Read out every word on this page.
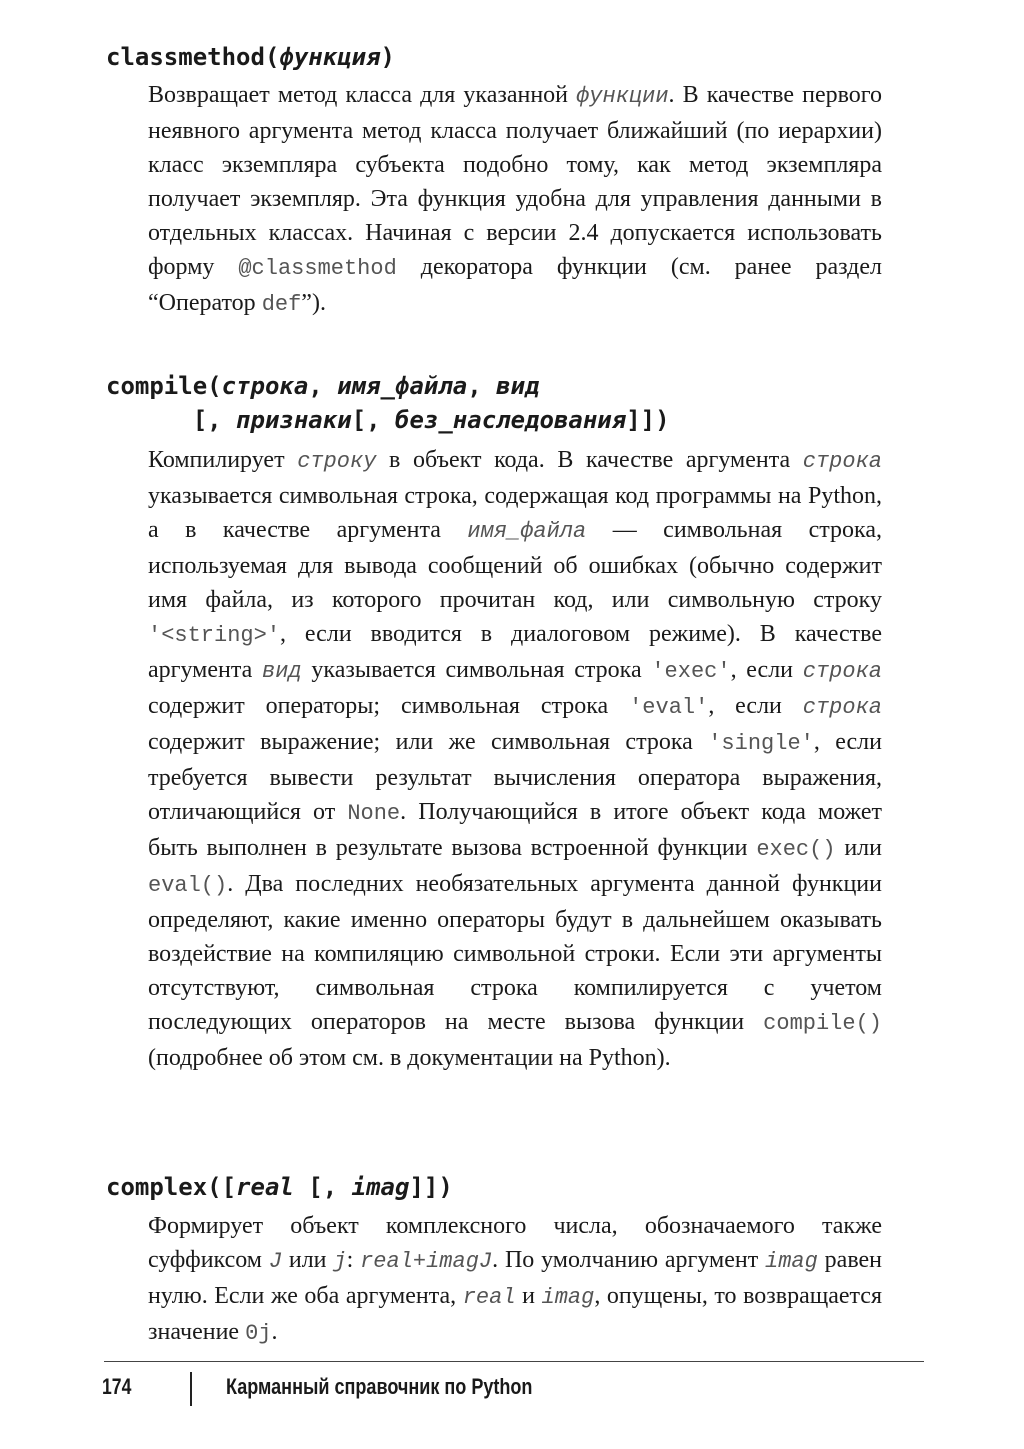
classmethod(функция)
Возвращает метод класса для указанной функции. В качестве первого неявного аргумента метод класса получает ближайший (по иерархии) класс экземпляра субъекта подобно тому, как метод экземпляра получает экземпляр. Эта функция удобна для управления данными в отдельных классах. Начиная с версии 2.4 допускается использовать форму @classmethod декоратора функции (см. ранее раздел “Оператор def”).
compile(строка, имя_файла, вид
[, признаки[, без_наследования]])
Компилирует строку в объект кода. В качестве аргумента строка указывается символьная строка, содержащая код программы на Python, а в качестве аргумента имя_файла — символьная строка, используемая для вывода сообщений об ошибках (обычно содержит имя файла, из которого прочитан код, или символьную строку '<string>', если вводится в диалоговом режиме). В качестве аргумента вид указывается символьная строка 'exec', если строка содержит операторы; символьная строка 'eval', если строка содержит выражение; или же символьная строка 'single', если требуется вывести результат вычисления оператора выражения, отличающийся от None. Получающийся в итоге объект кода может быть выполнен в результате вызова встроенной функции exec() или eval(). Два последних необязательных аргумента данной функции определяют, какие именно операторы будут в дальнейшем оказывать воздействие на компиляцию символьной строки. Если эти аргументы отсутствуют, символьная строка компилируется с учетом последующих операторов на месте вызова функции compile() (подробнее об этом см. в документации на Python).
complex([real [, imag]])
Формирует объект комплексного числа, обозначаемого также суффиксом J или j: real+imagJ. По умолчанию аргумент imag равен нулю. Если же оба аргумента, real и imag, опущены, то возвращается значение 0j.
174	Карманный справочник по Python
